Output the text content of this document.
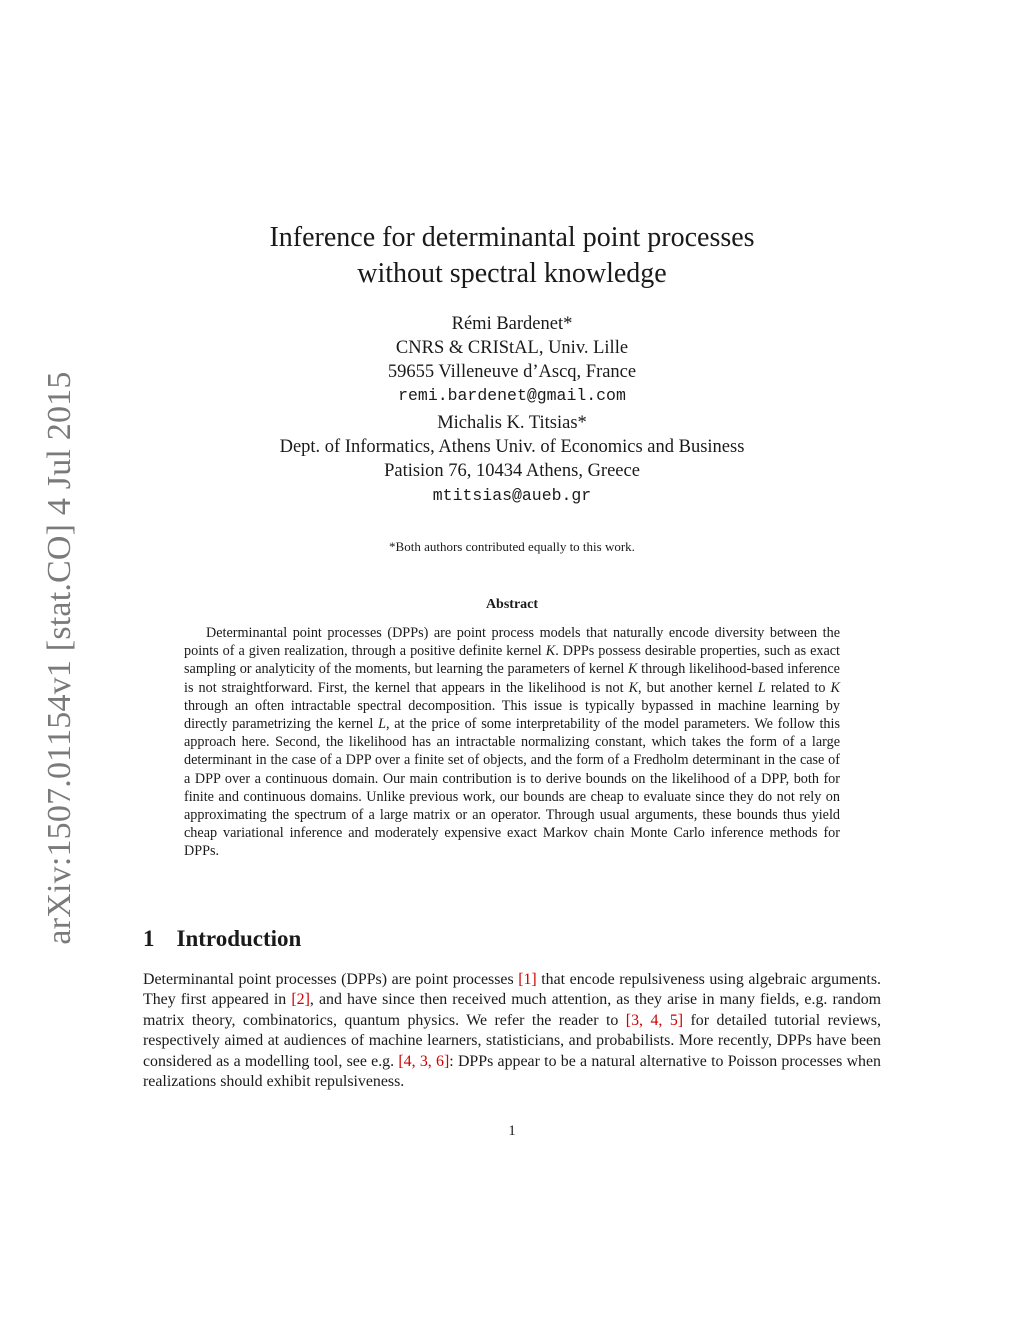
arXiv:1507.01154v1 [stat.CO] 4 Jul 2015
Inference for determinantal point processes
without spectral knowledge
Rémi Bardenet*
CNRS & CRIStAL, Univ. Lille
59655 Villeneuve d’Ascq, France
remi.bardenet@gmail.com
Michalis K. Titsias*
Dept. of Informatics, Athens Univ. of Economics and Business
Patision 76, 10434 Athens, Greece
mtitsias@aueb.gr
*Both authors contributed equally to this work.
Abstract

Determinantal point processes (DPPs) are point process models that naturally encode diversity between the points of a given realization, through a positive definite kernel K. DPPs possess desirable properties, such as exact sampling or analyticity of the moments, but learning the parameters of kernel K through likelihood-based inference is not straightforward. First, the kernel that appears in the likelihood is not K, but another kernel L related to K through an often intractable spectral decomposition. This issue is typically bypassed in machine learning by directly parametrizing the kernel L, at the price of some interpretability of the model parameters. We follow this approach here. Second, the likelihood has an intractable normalizing constant, which takes the form of a large determinant in the case of a DPP over a finite set of objects, and the form of a Fredholm determinant in the case of a DPP over a continuous domain. Our main contribution is to derive bounds on the likelihood of a DPP, both for finite and continuous domains. Unlike previous work, our bounds are cheap to evaluate since they do not rely on approximating the spectrum of a large matrix or an operator. Through usual arguments, these bounds thus yield cheap variational inference and moderately expensive exact Markov chain Monte Carlo inference methods for DPPs.

1 Introduction

Determinantal point processes (DPPs) are point processes [1] that encode repulsiveness using algebraic arguments. They first appeared in [2], and have since then received much attention, as they arise in many fields, e.g. random matrix theory, combinatorics, quantum physics. We refer the reader to [3, 4, 5] for detailed tutorial reviews, respectively aimed at audiences of machine learners, statisticians, and probabilists. More recently, DPPs have been considered as a modelling tool, see e.g. [4, 3, 6]: DPPs appear to be a natural alternative to Poisson processes when realizations should exhibit repulsiveness.

1
